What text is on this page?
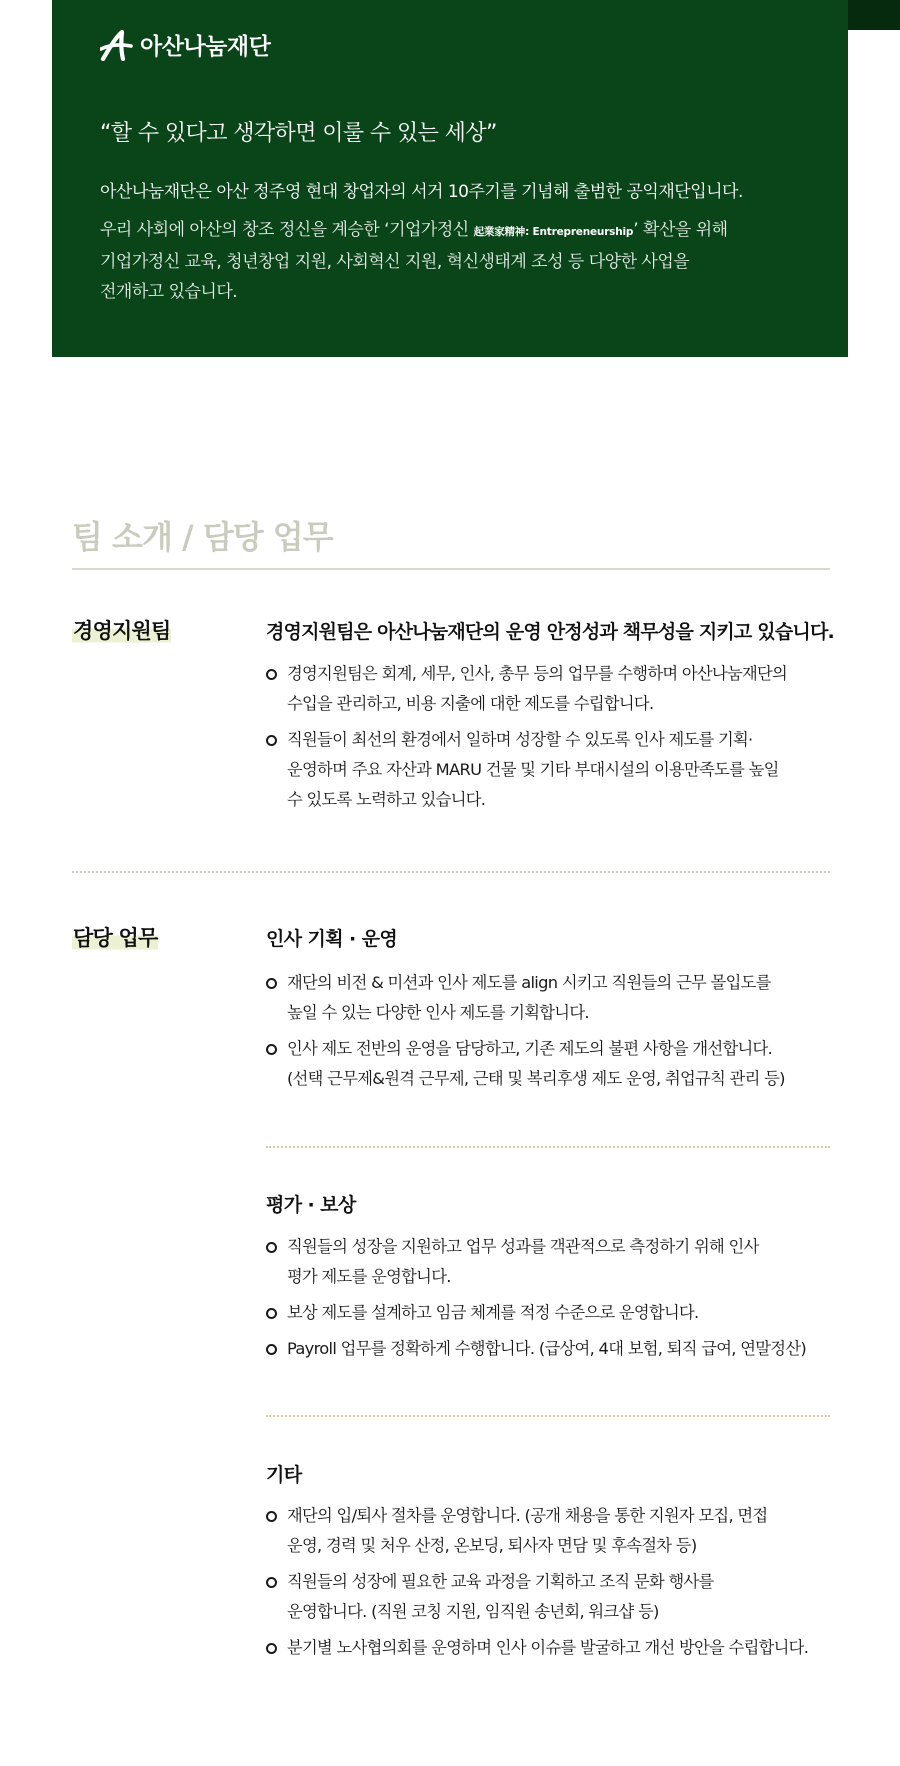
아산나눔재단
“할 수 있다고 생각하면 이룰 수 있는 세상”
아산나눔재단은 아산 정주영 현대 창업자의 서거 10주기를 기념해 출범한 공익재단입니다.
우리 사회에 아산의 창조 정신을 계승한 ‘기업가정신 起業家精神: Entrepreneurship’ 확산을 위해
기업가정신 교육, 청년창업 지원, 사회혁신 지원, 혁신생태계 조성 등 다양한 사업을
전개하고 있습니다.
팀 소개 / 담당 업무
경영지원팀	경영지원팀은 아산나눔재단의 운영 안정성과 책무성을 지키고 있습니다.
경영지원팀은 회계, 세무, 인사, 총무 등의 업무를 수행하며 아산나눔재단의
수입을 관리하고, 비용 지출에 대한 제도를 수립합니다.
직원들이 최선의 환경에서 일하며 성장할 수 있도록 인사 제도를 기획·
운영하며 주요 자산과 MARU 건물 및 기타 부대시설의 이용만족도를 높일
수 있도록 노력하고 있습니다.
담당 업무	인사 기획 · 운영
재단의 비전 & 미션과 인사 제도를 align 시키고 직원들의 근무 몰입도를
높일 수 있는 다양한 인사 제도를 기획합니다.
인사 제도 전반의 운영을 담당하고, 기존 제도의 불편 사항을 개선합니다.
(선택 근무제&원격 근무제, 근태 및 복리후생 제도 운영, 취업규칙 관리 등)
평가 · 보상
직원들의 성장을 지원하고 업무 성과를 객관적으로 측정하기 위해 인사
평가 제도를 운영합니다.
보상 제도를 설계하고 임금 체계를 적정 수준으로 운영합니다.
Payroll 업무를 정확하게 수행합니다. (급상여, 4대 보험, 퇴직 급여, 연말정산)
기타
재단의 입/퇴사 절차를 운영합니다. (공개 채용을 통한 지원자 모집, 면접
운영, 경력 및 처우 산정, 온보딩, 퇴사자 면담 및 후속절차 등)
직원들의 성장에 필요한 교육 과정을 기획하고 조직 문화 행사를
운영합니다. (직원 코칭 지원, 임직원 송년회, 워크샵 등)
분기별 노사협의회를 운영하며 인사 이슈를 발굴하고 개선 방안을 수립합니다.
